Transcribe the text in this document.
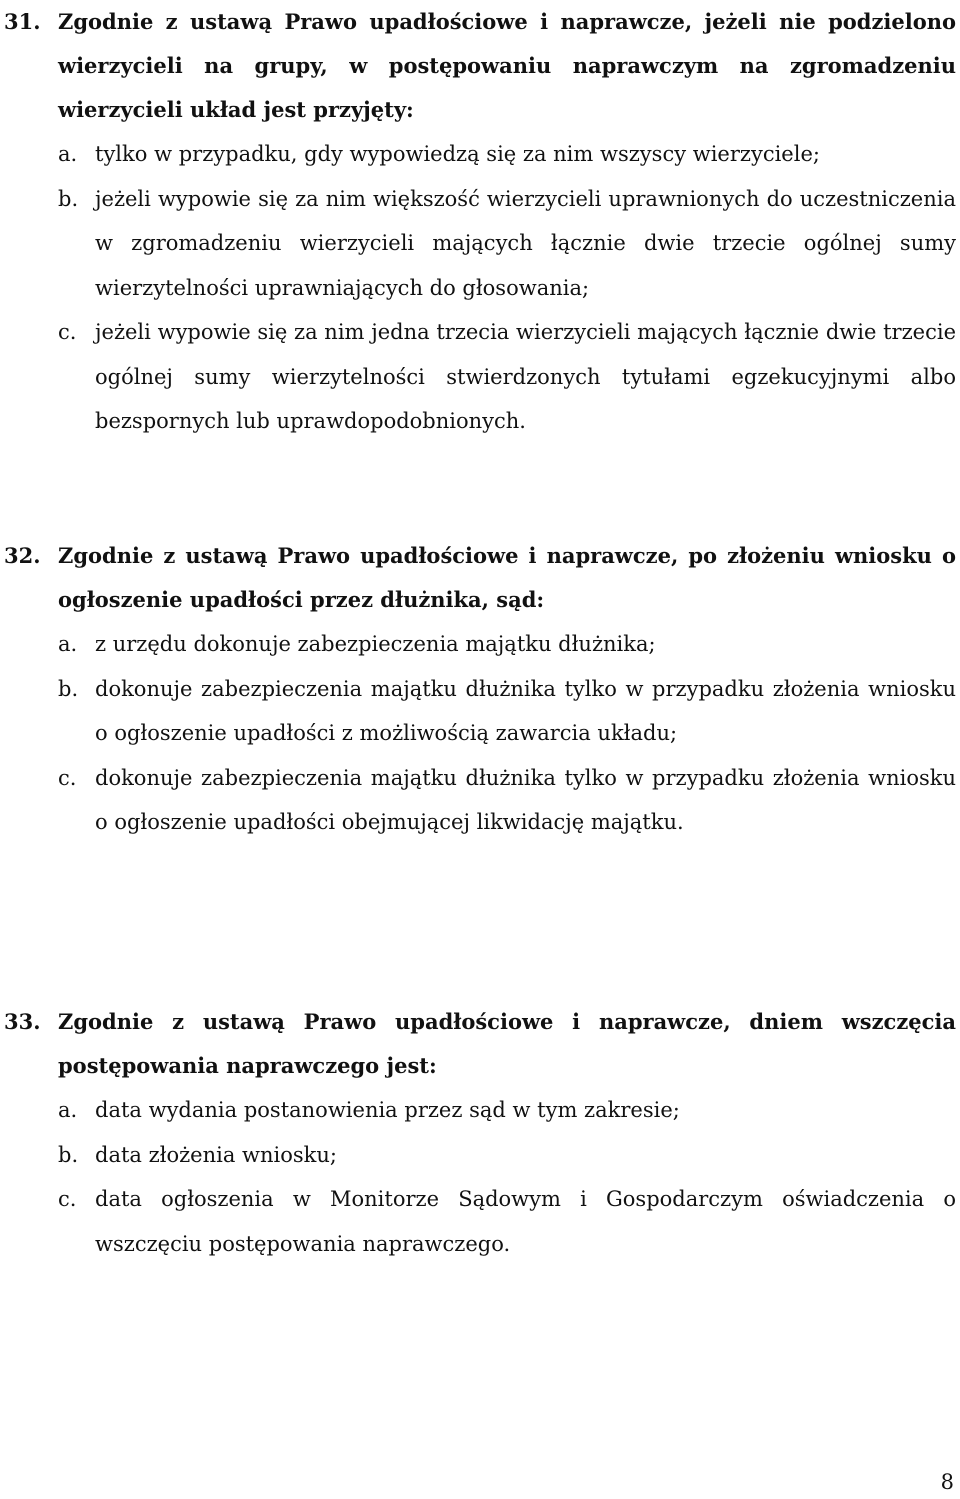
31. Zgodnie z ustawą Prawo upadłościowe i naprawcze, jeżeli nie podzielono wierzycieli na grupy, w postępowaniu naprawczym na zgromadzeniu wierzycieli układ jest przyjęty:
a. tylko w przypadku, gdy wypowiedzą się za nim wszyscy wierzyciele;
b. jeżeli wypowie się za nim większość wierzycieli uprawnionych do uczestniczenia w zgromadzeniu wierzycieli mających łącznie dwie trzecie ogólnej sumy wierzytelności uprawniających do głosowania;
c. jeżeli wypowie się za nim jedna trzecia wierzycieli mających łącznie dwie trzecie ogólnej sumy wierzytelności stwierdzonych tytułami egzekucyjnymi albo bezspornych lub uprawdopodobnionych.
32. Zgodnie z ustawą Prawo upadłościowe i naprawcze, po złożeniu wniosku o ogłoszenie upadłości przez dłużnika, sąd:
a. z urzędu dokonuje zabezpieczenia majątku dłużnika;
b. dokonuje zabezpieczenia majątku dłużnika tylko w przypadku złożenia wniosku o ogłoszenie upadłości z możliwością zawarcia układu;
c. dokonuje zabezpieczenia majątku dłużnika tylko w przypadku złożenia wniosku o ogłoszenie upadłości obejmującej likwidację majątku.
33. Zgodnie z ustawą Prawo upadłościowe i naprawcze, dniem wszczęcia postępowania naprawczego jest:
a. data wydania postanowienia przez sąd w tym zakresie;
b. data złożenia wniosku;
c. data ogłoszenia w Monitorze Sądowym i Gospodarczym oświadczenia o wszczęciu postępowania naprawczego.
8
